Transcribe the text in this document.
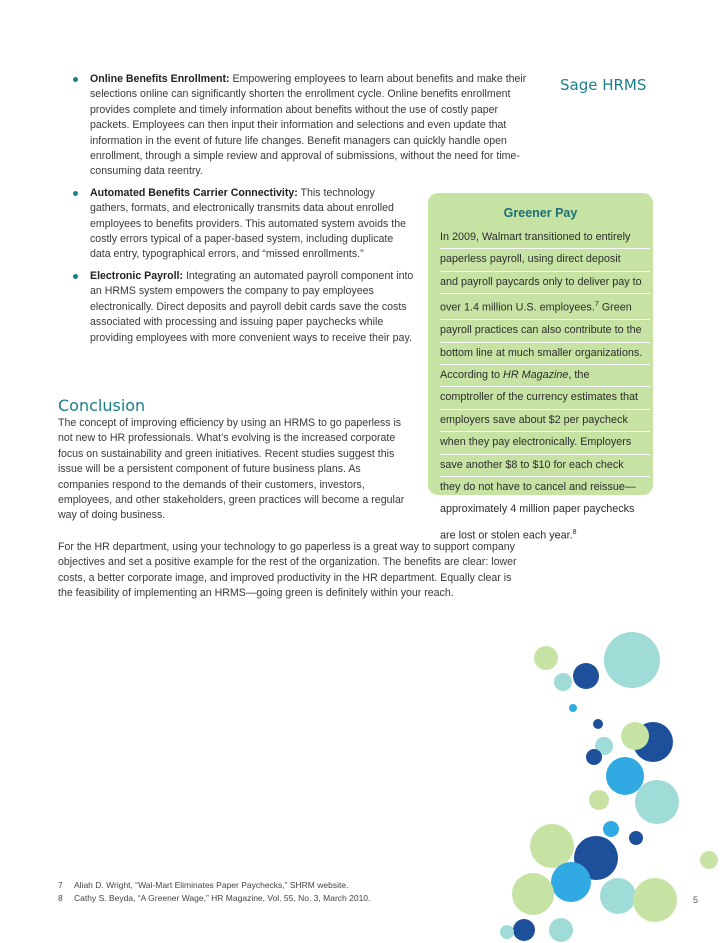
Sage HRMS
Online Benefits Enrollment: Empowering employees to learn about benefits and make their selections online can significantly shorten the enrollment cycle. Online benefits enrollment provides complete and timely information about benefits without the use of costly paper packets. Employees can then input their information and selections and even update that information in the event of future life changes. Benefit managers can quickly handle open enrollment, through a simple review and approval of submissions, without the need for time-consuming data reentry.
Automated Benefits Carrier Connectivity: This technology gathers, formats, and electronically transmits data about enrolled employees to benefits providers. This automated system avoids the costly errors typical of a paper-based system, including duplicate data entry, typographical errors, and “missed enrollments.”
Electronic Payroll: Integrating an automated payroll component into an HRMS system empowers the company to pay employees electronically. Direct deposits and payroll debit cards save the costs associated with processing and issuing paper paychecks while providing employees with more convenient ways to receive their pay.
Greener Pay
In 2009, Walmart transitioned to entirely
paperless payroll, using direct deposit
and payroll paycards only to deliver pay to
over 1.4 million U.S. employees.$^7$ Green
payroll practices can also contribute to the
bottom line at much smaller organizations.
According to HR Magazine, the
comptroller of the currency estimates that
employers save about $2 per paycheck
when they pay electronically. Employers
save another $8 to $10 for each check
they do not have to cancel and reissue—
approximately 4 million paper paychecks
are lost or stolen each year.$^8$
Conclusion

The concept of improving efficiency by using an HRMS to go paperless is not new to HR professionals. What’s evolving is the increased corporate focus on sustainability and green initiatives. Recent studies suggest this issue will be a persistent component of future business plans. As companies respond to the demands of their customers, investors, employees, and other stakeholders, green practices will become a regular way of doing business.

For the HR department, using your technology to go paperless is a great way to support company objectives and set a positive example for the rest of the organization. The benefits are clear: lower costs, a better corporate image, and improved productivity in the HR department. Equally clear is the feasibility of implementing an HRMS—going green is definitely within your reach.

7 Aliah D. Wright, “Wal-Mart Eliminates Paper Paychecks,” SHRM website.
8 Cathy S. Beyda, “A Greener Wage,” HR Magazine, Vol. 55, No. 3, March 2010.	5
